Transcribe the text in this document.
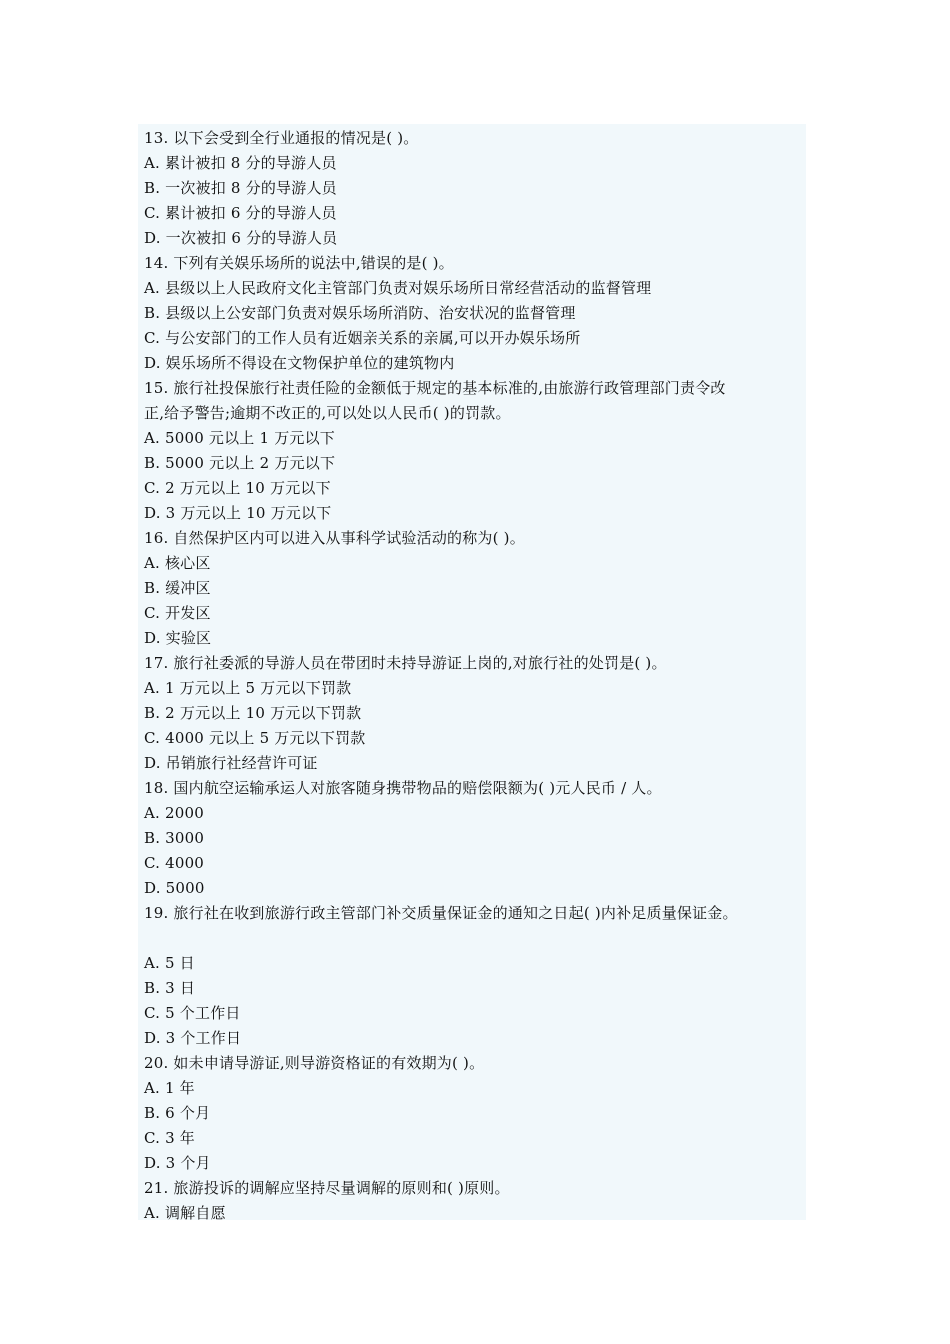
13. 以下会受到全行业通报的情况是( )。
A. 累计被扣 8 分的导游人员
B. 一次被扣 8 分的导游人员
C. 累计被扣 6 分的导游人员
D. 一次被扣 6 分的导游人员
14. 下列有关娱乐场所的说法中,错误的是( )。
A. 县级以上人民政府文化主管部门负责对娱乐场所日常经营活动的监督管理
B. 县级以上公安部门负责对娱乐场所消防、治安状况的监督管理
C. 与公安部门的工作人员有近姻亲关系的亲属,可以开办娱乐场所
D. 娱乐场所不得设在文物保护单位的建筑物内
15. 旅行社投保旅行社责任险的金额低于规定的基本标准的,由旅游行政管理部门责令改
正,给予警告;逾期不改正的,可以处以人民币( )的罚款。
A. 5000 元以上 1 万元以下
B. 5000 元以上 2 万元以下
C. 2 万元以上 10 万元以下
D. 3 万元以上 10 万元以下
16. 自然保护区内可以进入从事科学试验活动的称为( )。
A. 核心区
B. 缓冲区
C. 开发区
D. 实验区
17. 旅行社委派的导游人员在带团时未持导游证上岗的,对旅行社的处罚是( )。
A. 1 万元以上 5 万元以下罚款
B. 2 万元以上 10 万元以下罚款
C. 4000 元以上 5 万元以下罚款
D. 吊销旅行社经营许可证
18. 国内航空运输承运人对旅客随身携带物品的赔偿限额为( )元人民币 / 人。
A. 2000
B. 3000
C. 4000
D. 5000
19. 旅行社在收到旅游行政主管部门补交质量保证金的通知之日起( )内补足质量保证金。
A. 5 日
B. 3 日
C. 5 个工作日
D. 3 个工作日
20. 如未申请导游证,则导游资格证的有效期为( )。
A. 1 年
B. 6 个月
C. 3 年
D. 3 个月
21. 旅游投诉的调解应坚持尽量调解的原则和( )原则。
A. 调解自愿
